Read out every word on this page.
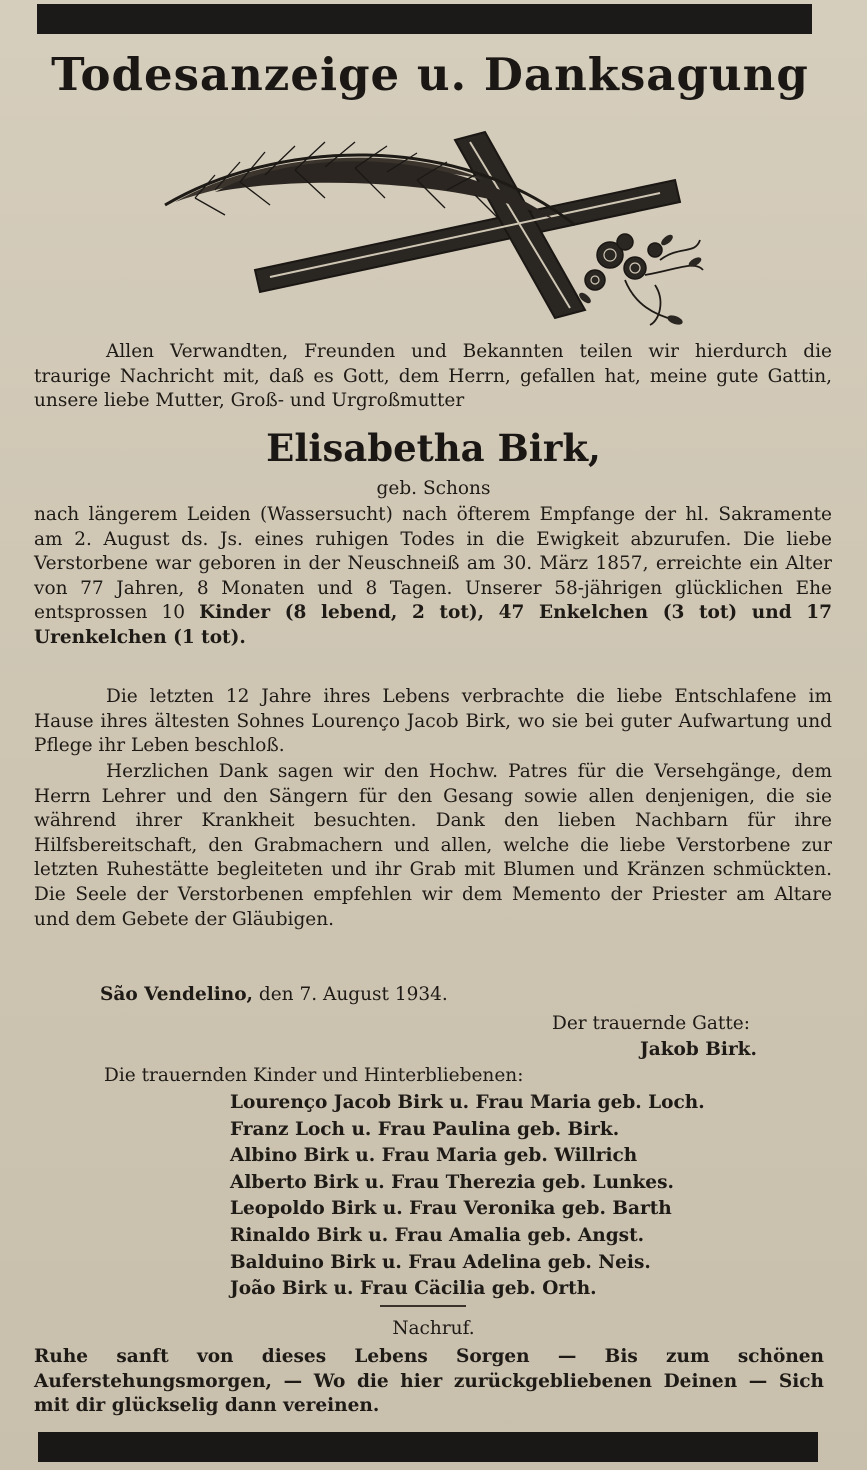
Todesanzeige u. Danksagung

Allen Verwandten, Freunden und Bekannten teilen wir hierdurch die traurige Nachricht mit, daß es Gott, dem Herrn, gefallen hat, meine gute Gattin, unsere liebe Mutter, Groß- und Urgroßmutter

Elisabetha Birk,
geb. Schons

nach längerem Leiden (Wassersucht) nach öfterem Empfange der hl. Sakramente am 2. August ds. Js. eines ruhigen Todes in die Ewigkeit abzurufen. Die liebe Verstorbene war geboren in der Neuschneiß am 30. März 1857, erreichte ein Alter von 77 Jahren, 8 Monaten und 8 Tagen. Unserer 58-jährigen glücklichen Ehe entsprossen 10 Kinder (8 lebend, 2 tot), 47 Enkelchen (3 tot) und 17 Urenkelchen (1 tot).

Die letzten 12 Jahre ihres Lebens verbrachte die liebe Entschlafene im Hause ihres ältesten Sohnes Lourenço Jacob Birk, wo sie bei guter Aufwartung und Pflege ihr Leben beschloß.

Herzlichen Dank sagen wir den Hochw. Patres für die Versehgänge, dem Herrn Lehrer und den Sängern für den Gesang sowie allen denjenigen, die sie während ihrer Krankheit besuchten. Dank den lieben Nachbarn für ihre Hilfsbereitschaft, den Grabmachern und allen, welche die liebe Verstorbene zur letzten Ruhestätte begleiteten und ihr Grab mit Blumen und Kränzen schmückten. Die Seele der Verstorbenen empfehlen wir dem Memento der Priester am Altare und dem Gebete der Gläubigen.

São Vendelino, den 7. August 1934.
Der trauernde Gatte:
Jakob Birk.
Die trauernden Kinder und Hinterbliebenen:
Lourenço Jacob Birk u. Frau Maria geb. Loch.
Franz Loch u. Frau Paulina geb. Birk.
Albino Birk u. Frau Maria geb. Willrich
Alberto Birk u. Frau Therezia geb. Lunkes.
Leopoldo Birk u. Frau Veronika geb. Barth
Rinaldo Birk u. Frau Amalia geb. Angst.
Balduino Birk u. Frau Adelina geb. Neis.
João Birk u. Frau Cäcilia geb. Orth.
Nachruf.

Ruhe sanft von dieses Lebens Sorgen — Bis zum schönen Auferstehungsmorgen, — Wo die hier zurückgebliebenen Deinen — Sich mit dir glückselig dann vereinen.
